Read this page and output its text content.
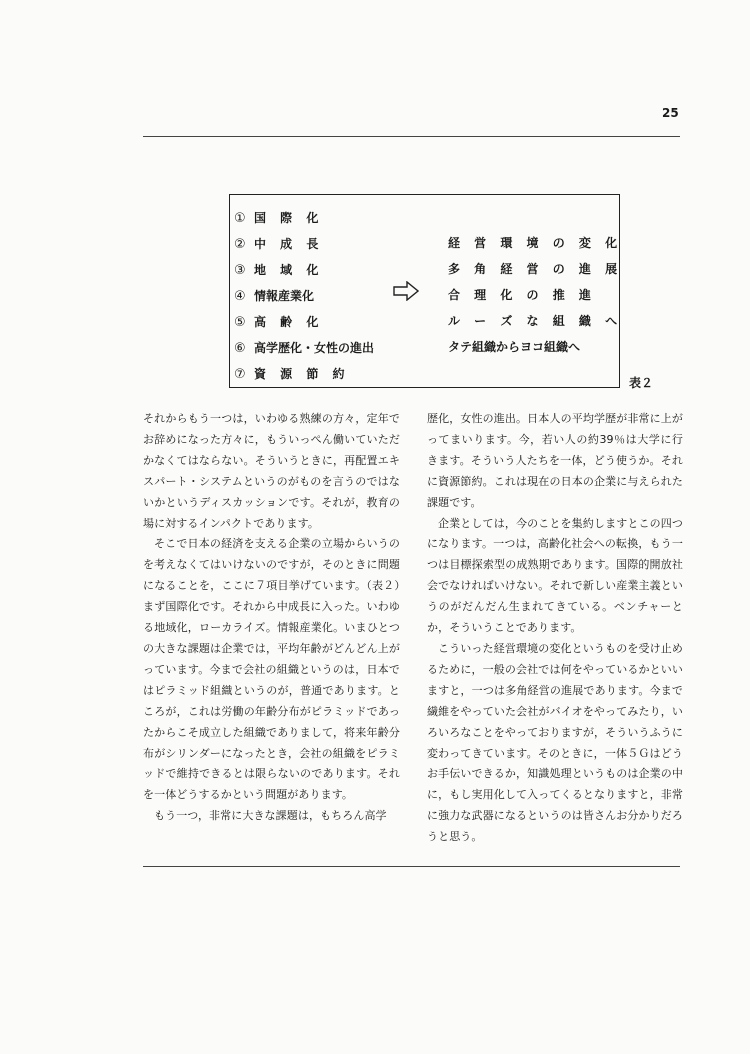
25
① 国 際 化
② 中 成 長
③ 地 域 化
④ 情報産業化
⑤ 高 齢 化
⑥ 高学歴化・女性の進出
⑦ 資 源 節 約
経 営 環 境 の 変 化
多 角 経 営 の 進 展
合 理 化 の 推 進
ル ー ズ な 組 織 へ
タテ組織からヨコ組織へ
表２

それからもう一つは，いわゆる熟練の方々，定年でお辞めになった方々に，もういっぺん働いていただかなくてはならない。そういうときに，再配置エキスパート・システムというのがものを言うのではないかというディスカッションです。それが，教育の場に対するインパクトであります。

そこで日本の経済を支える企業の立場からいうのを考えなくてはいけないのですが，そのときに問題になることを，ここに７項目挙げています。（表２）まず国際化です。それから中成長に入った。いわゆる地域化，ローカライズ。情報産業化。いまひとつの大きな課題は企業では，平均年齢がどんどん上がっています。今まで会社の組織というのは，日本ではピラミッド組織というのが，普通であります。ところが，これは労働の年齢分布がピラミッドであったからこそ成立した組織でありまして，将来年齢分布がシリンダーになったとき，会社の組織をピラミッドで維持できるとは限らないのであります。それを一体どうするかという問題があります。

もう一つ，非常に大きな課題は，もちろん高学

歴化，女性の進出。日本人の平均学歴が非常に上がってまいります。今，若い人の約39％は大学に行きます。そういう人たちを一体，どう使うか。それに資源節約。これは現在の日本の企業に与えられた課題です。

企業としては，今のことを集約しますとこの四つになります。一つは，高齢化社会への転換，もう一つは目標探索型の成熟期であります。国際的開放社会でなければいけない。それで新しい産業主義というのがだんだん生まれてきている。ベンチャーとか，そういうことであります。

こういった経営環境の変化というものを受け止めるために，一般の会社では何をやっているかといいますと，一つは多角経営の進展であります。今まで繊維をやっていた会社がバイオをやってみたり，いろいろなことをやっておりますが，そういうふうに変わってきています。そのときに，一体５Ｇはどうお手伝いできるか，知識処理というものは企業の中に，もし実用化して入ってくるとなりますと，非常に強力な武器になるというのは皆さんお分かりだろうと思う。
